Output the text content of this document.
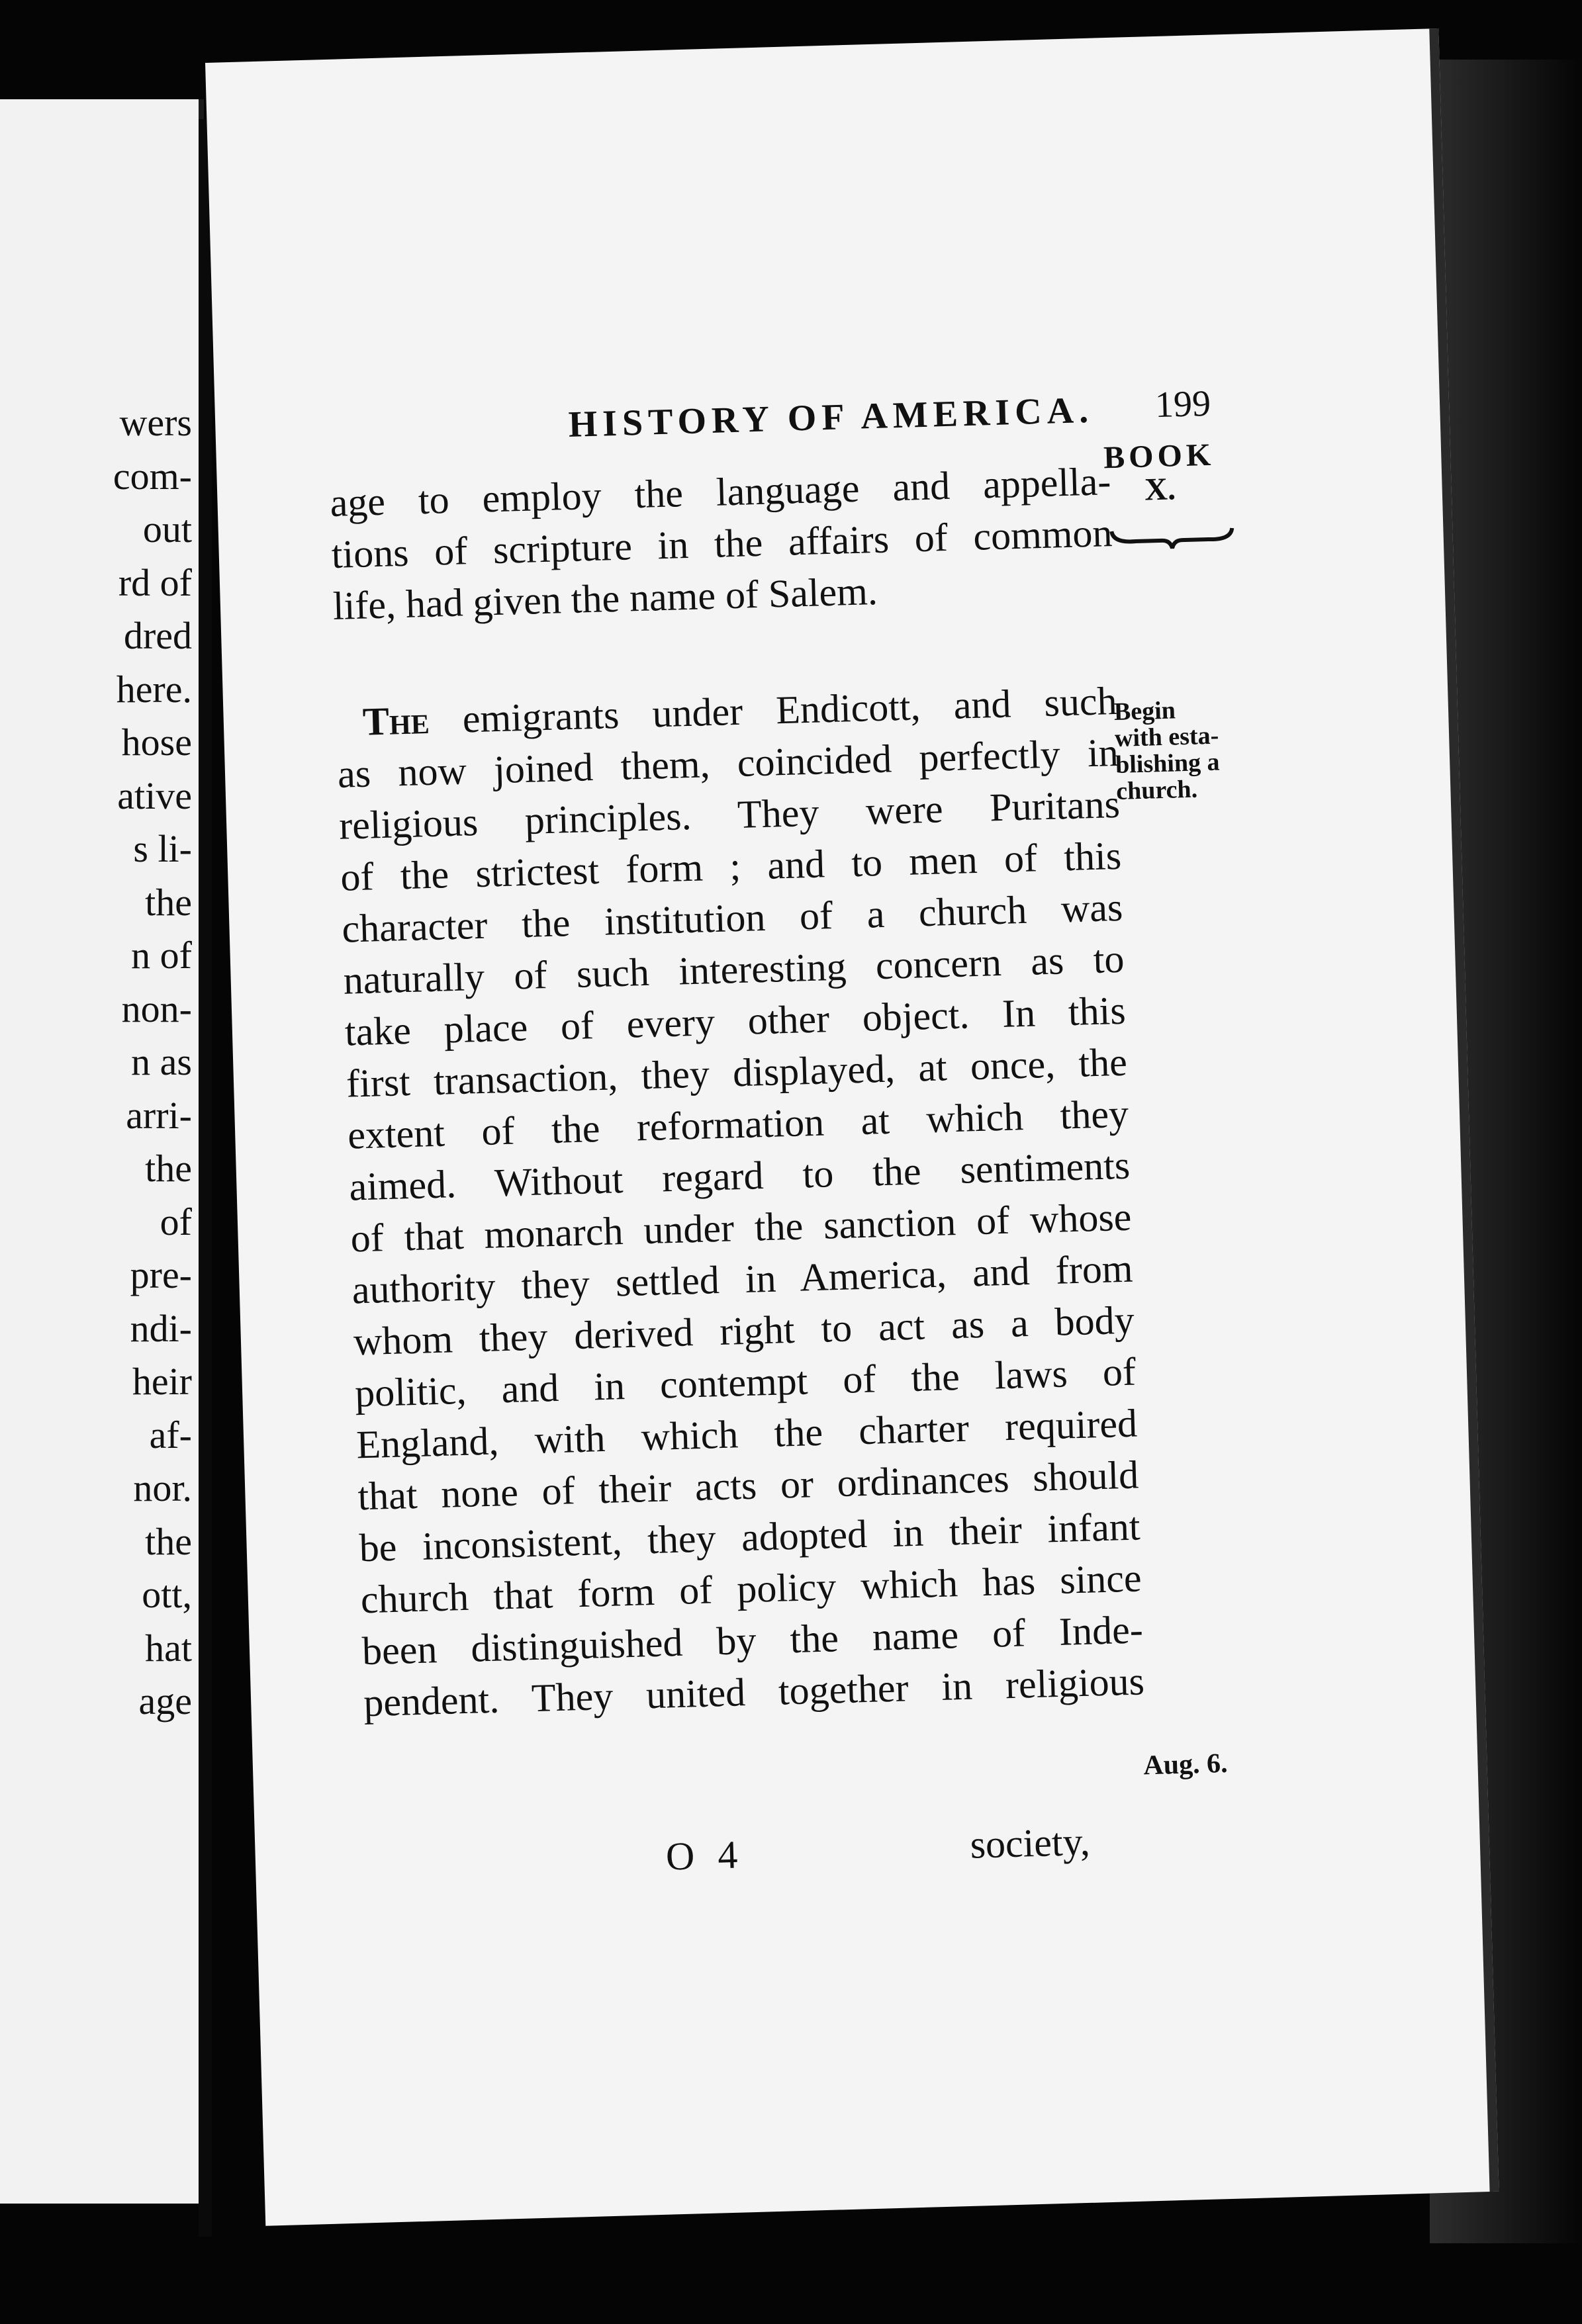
wers
com-
out
rd of
dred
here.
hose
ative
s li-
the
n of
non-
n as
arri-
the
of
pre-
ndi-
heir
af-
nor.
the
ott,
hat
age
HISTORY OF AMERICA.	199
BOOK
X.
Begin
with esta-
blishing a
church.
Aug. 6.
age to employ the language and appella-
tions of scripture in the affairs of common
life, had given the name of Salem.
The emigrants under Endicott, and such
as now joined them, coincided perfectly in
religious principles. They were Puritans
of the strictest form ; and to men of this
character the institution of a church was
naturally of such interesting concern as to
take place of every other object. In this
first transaction, they displayed, at once, the
extent of the reformation at which they
aimed. Without regard to the sentiments
of that monarch under the sanction of whose
authority they settled in America, and from
whom they derived right to act as a body
politic, and in contempt of the laws of
England, with which the charter required
that none of their acts or ordinances should
be inconsistent, they adopted in their infant
church that form of policy which has since
been distinguished by the name of Inde-
pendent. They united together in religious
O 4	society,
